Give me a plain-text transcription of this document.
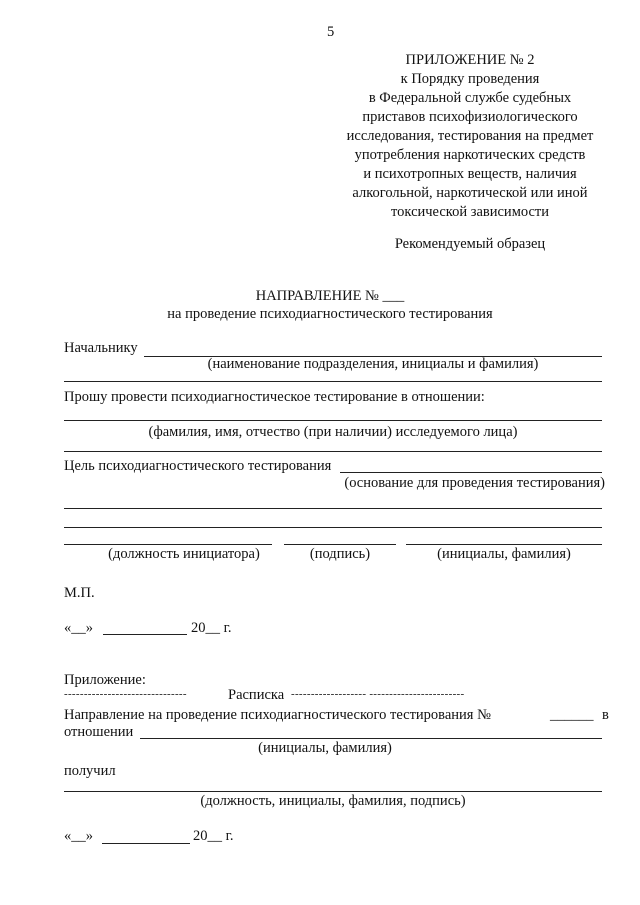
5
ПРИЛОЖЕНИЕ № 2
к Порядку проведения
в Федеральной службе судебных
приставов психофизиологического
исследования, тестирования на предмет
употребления наркотических средств
и психотропных веществ, наличия
алкогольной, наркотической или иной
токсической зависимости
Рекомендуемый образец
НАПРАВЛЕНИЕ № ___
на проведение психодиагностического тестирования
Начальнику
(наименование подразделения, инициалы и фамилия)
Прошу провести психодиагностическое тестирование в отношении:
(фамилия, имя, отчество (при наличии) исследуемого лица)
Цель психодиагностического тестирования
(основание для проведения тестирования)
(должность инициатора)	(подпись)	(инициалы, фамилия)
М.П.
«__»	20__ г.
Приложение:
-------------------------------	Расписка ------------------- ------------------------
Направление на проведение психодиагностического тестирования №	______ в
отношении
(инициалы, фамилия)
получил
(должность, инициалы, фамилия, подпись)
«__»	20__ г.
